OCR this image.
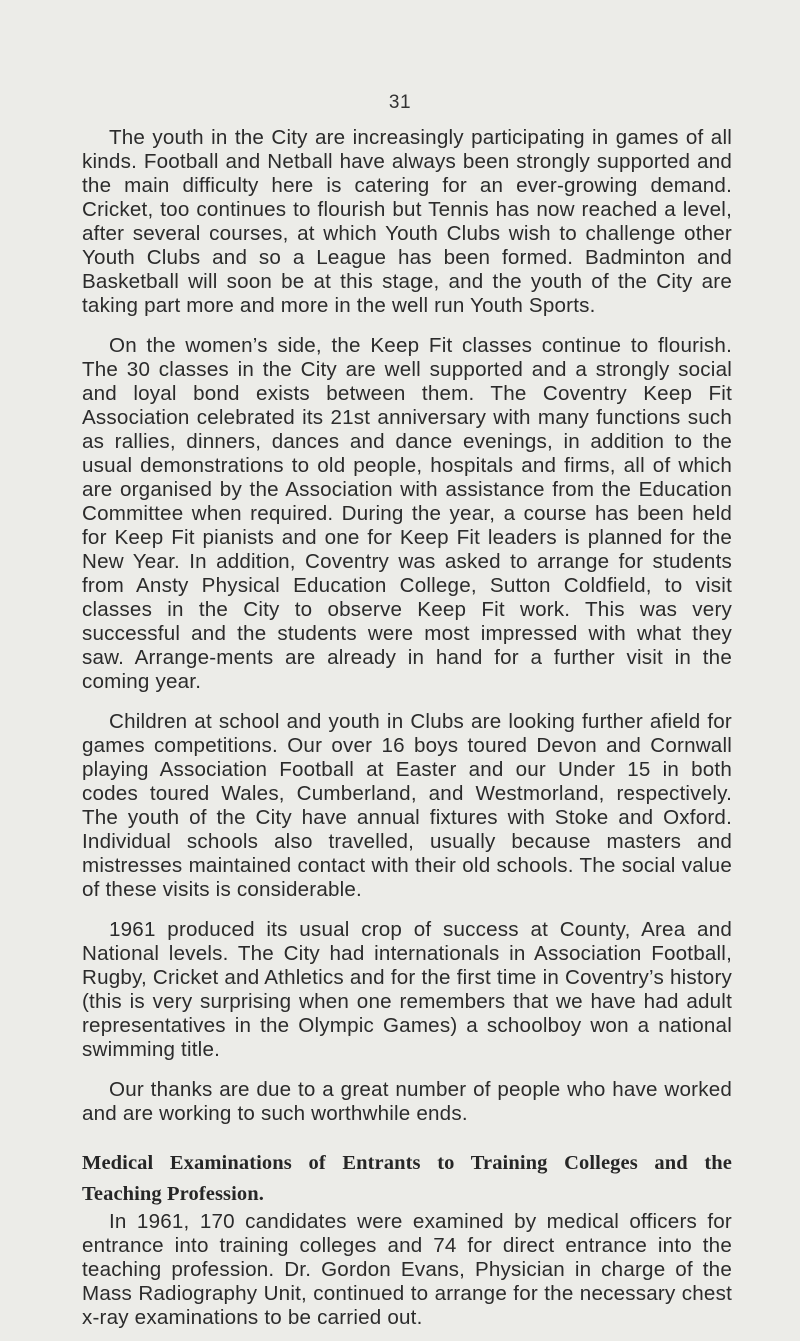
31

The youth in the City are increasingly participating in games of all kinds. Football and Netball have always been strongly supported and the main difficulty here is catering for an ever-growing demand. Cricket, too continues to flourish but Tennis has now reached a level, after several courses, at which Youth Clubs wish to challenge other Youth Clubs and so a League has been formed. Badminton and Basketball will soon be at this stage, and the youth of the City are taking part more and more in the well run Youth Sports.

On the women’s side, the Keep Fit classes continue to flourish. The 30 classes in the City are well supported and a strongly social and loyal bond exists between them. The Coventry Keep Fit Association celebrated its 21st anniversary with many functions such as rallies, dinners, dances and dance evenings, in addition to the usual demonstrations to old people, hospitals and firms, all of which are organised by the Association with assistance from the Education Committee when required. During the year, a course has been held for Keep Fit pianists and one for Keep Fit leaders is planned for the New Year. In addition, Coventry was asked to arrange for students from Ansty Physical Education College, Sutton Coldfield, to visit classes in the City to observe Keep Fit work. This was very successful and the students were most impressed with what they saw. Arrange-ments are already in hand for a further visit in the coming year.

Children at school and youth in Clubs are looking further afield for games competitions. Our over 16 boys toured Devon and Cornwall playing Association Football at Easter and our Under 15 in both codes toured Wales, Cumberland, and Westmorland, respectively. The youth of the City have annual fixtures with Stoke and Oxford. Individual schools also travelled, usually because masters and mistresses maintained contact with their old schools. The social value of these visits is considerable.

1961 produced its usual crop of success at County, Area and National levels. The City had internationals in Association Football, Rugby, Cricket and Athletics and for the first time in Coventry’s history (this is very surprising when one remembers that we have had adult representatives in the Olympic Games) a schoolboy won a national swimming title.

Our thanks are due to a great number of people who have worked and are working to such worthwhile ends.

Medical Examinations of Entrants to Training Colleges and the
Teaching Profession.

In 1961, 170 candidates were examined by medical officers for entrance into training colleges and 74 for direct entrance into the teaching profession. Dr. Gordon Evans, Physician in charge of the Mass Radiography Unit, continued to arrange for the necessary chest x-ray examinations to be carried out.
